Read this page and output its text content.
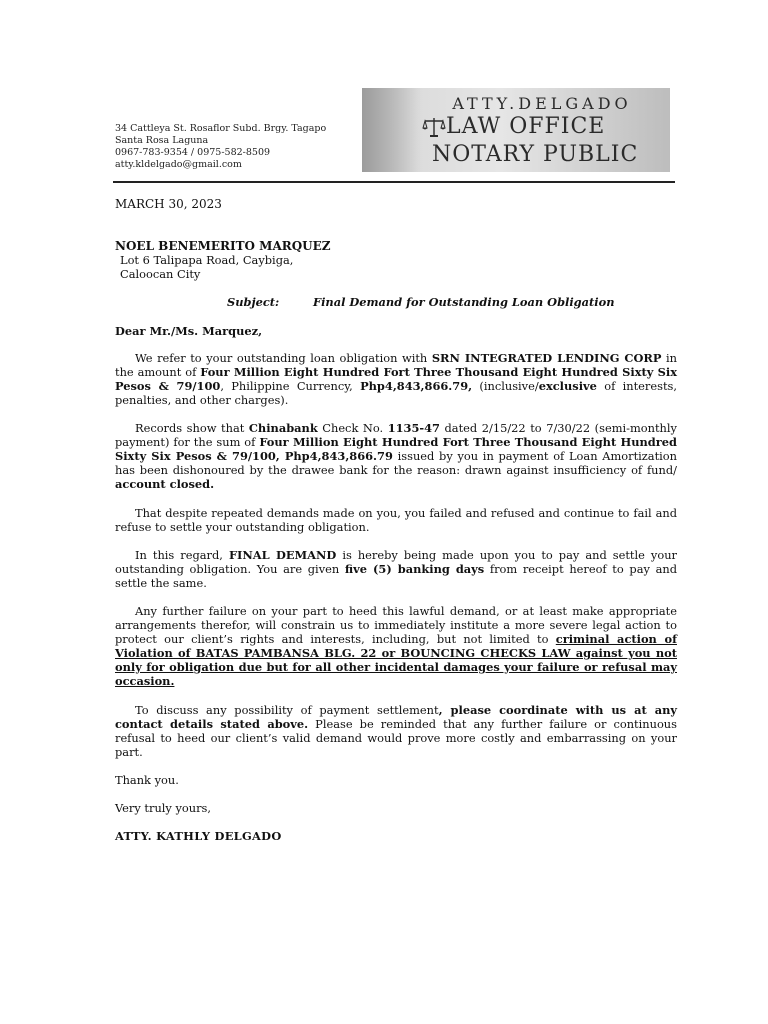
34 Cattleya St. Rosaflor Subd. Brgy. Tagapo
Santa Rosa Laguna
0967-783-9354 / 0975-582-8509
atty.kldelgado@gmail.com
ATTY.DELGADO
LAW OFFICE
NOTARY PUBLIC
MARCH 30, 2023
NOEL BENEMERITO MARQUEZ
Lot 6 Talipapa Road, Caybiga,
Caloocan City
Subject:	Final Demand for Outstanding Loan Obligation
Dear Mr./Ms. Marquez,
We refer to your outstanding loan obligation with SRN INTEGRATED LENDING CORP in the amount of Four Million Eight Hundred Fort Three Thousand Eight Hundred Sixty Six Pesos & 79/100, Philippine Currency, Php4,843,866.79, (inclusive/exclusive of interests, penalties, and other charges).
Records show that Chinabank Check No. 1135-47 dated 2/15/22 to 7/30/22 (semi-monthly payment) for the sum of Four Million Eight Hundred Fort Three Thousand Eight Hundred Sixty Six Pesos & 79/100, Php4,843,866.79 issued by you in payment of Loan Amortization has been dishonoured by the drawee bank for the reason: drawn against insufficiency of fund/ account closed.
That despite repeated demands made on you, you failed and refused and continue to fail and refuse to settle your outstanding obligation.
In this regard, FINAL DEMAND is hereby being made upon you to pay and settle your outstanding obligation. You are given five (5) banking days from receipt hereof to pay and settle the same.
Any further failure on your part to heed this lawful demand, or at least make appropriate arrangements therefor, will constrain us to immediately institute a more severe legal action to protect our client’s rights and interests, including, but not limited to criminal action of Violation of BATAS PAMBANSA BLG. 22 or BOUNCING CHECKS LAW against you not only for obligation due but for all other incidental damages your failure or refusal may occasion.
To discuss any possibility of payment settlement, please coordinate with us at any contact details stated above. Please be reminded that any further failure or continuous refusal to heed our client’s valid demand would prove more costly and embarrassing on your part.
Thank you.
Very truly yours,
ATTY. KATHLY DELGADO
